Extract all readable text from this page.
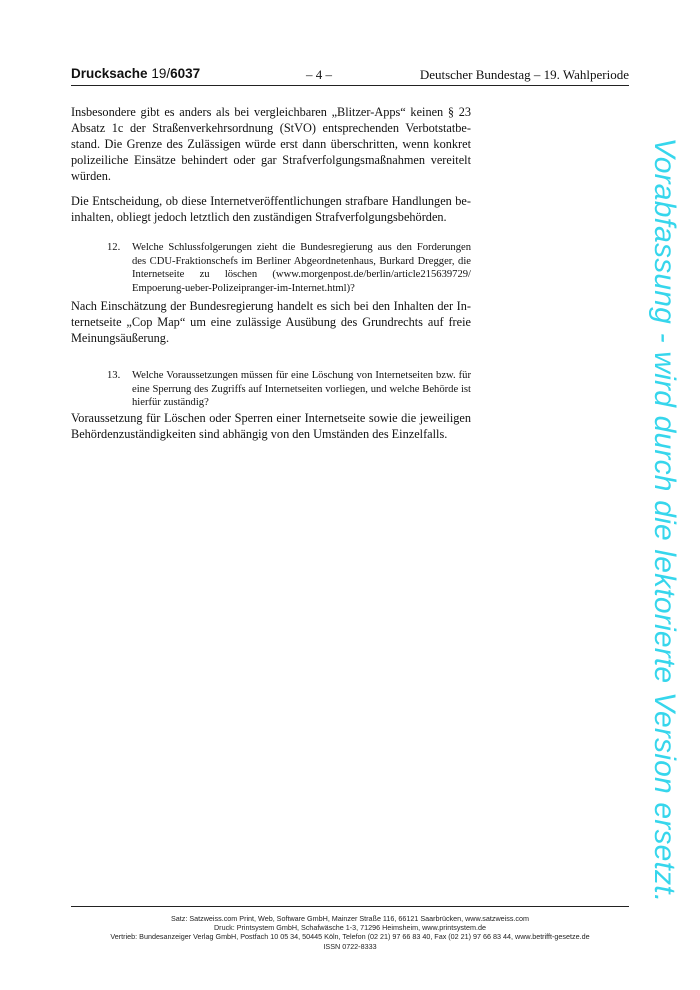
Drucksache 19/6037	– 4 –	Deutscher Bundestag – 19. Wahlperiode
Insbesondere gibt es anders als bei vergleichbaren „Blitzer-Apps“ keinen § 23 Absatz 1c der Straßenverkehrsordnung (StVO) entsprechenden Verbotstatbestand. Die Grenze des Zulässigen würde erst dann überschritten, wenn konkret polizeiliche Einsätze behindert oder gar Strafverfolgungsmaßnahmen vereitelt würden.
Die Entscheidung, ob diese Internetveröffentlichungen strafbare Handlungen beinhalten, obliegt jedoch letztlich den zuständigen Strafverfolgungsbehörden.
12. Welche Schlussfolgerungen zieht die Bundesregierung aus den Forderungen des CDU-Fraktionschefs im Berliner Abgeordnetenhaus, Burkard Dregger, die Internetseite zu löschen (www.morgenpost.de/berlin/article215639729/​Empoerung-ueber-Polizeipranger-im-Internet.html)?
Nach Einschätzung der Bundesregierung handelt es sich bei den Inhalten der Internetseite „Cop Map“ um eine zulässige Ausübung des Grundrechts auf freie Meinungsäußerung.
13. Welche Voraussetzungen müssen für eine Löschung von Internetseiten bzw. für eine Sperrung des Zugriffs auf Internetseiten vorliegen, und welche Behörde ist hierfür zuständig?
Voraussetzung für Löschen oder Sperren einer Internetseite sowie die jeweiligen Behördenzuständigkeiten sind abhängig von den Umständen des Einzelfalls.	Vorabfassung - wird durch die lektorierte Version ersetzt.
Satz: Satzweiss.com Print, Web, Software GmbH, Mainzer Straße 116, 66121 Saarbrücken, www.satzweiss.com
Druck: Printsystem GmbH, Schafwäsche 1-3, 71296 Heimsheim, www.printsystem.de
Vertrieb: Bundesanzeiger Verlag GmbH, Postfach 10 05 34, 50445 Köln, Telefon (02 21) 97 66 83 40, Fax (02 21) 97 66 83 44, www.betrifft-gesetze.de
ISSN 0722-8333
